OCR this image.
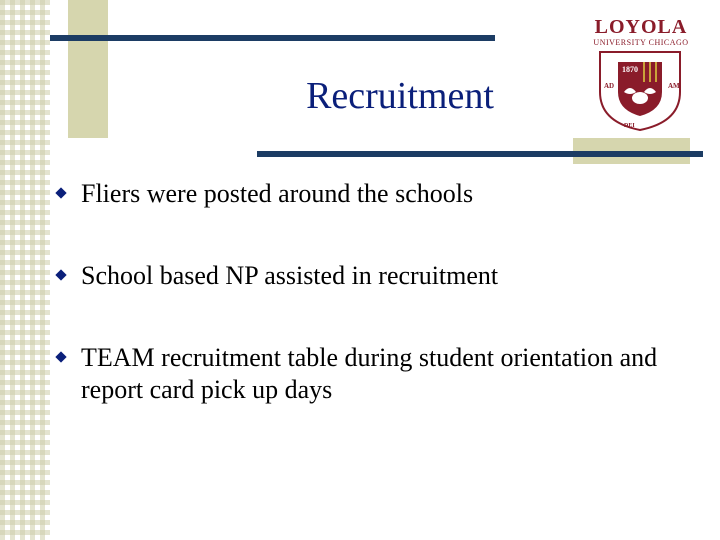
Recruitment
LOYOLA
UNIVERSITY CHICAGO
1870
AD	AM
DEI
Fliers were posted around the schools
School based NP assisted in recruitment
TEAM recruitment table during student orientation and report card pick up days
